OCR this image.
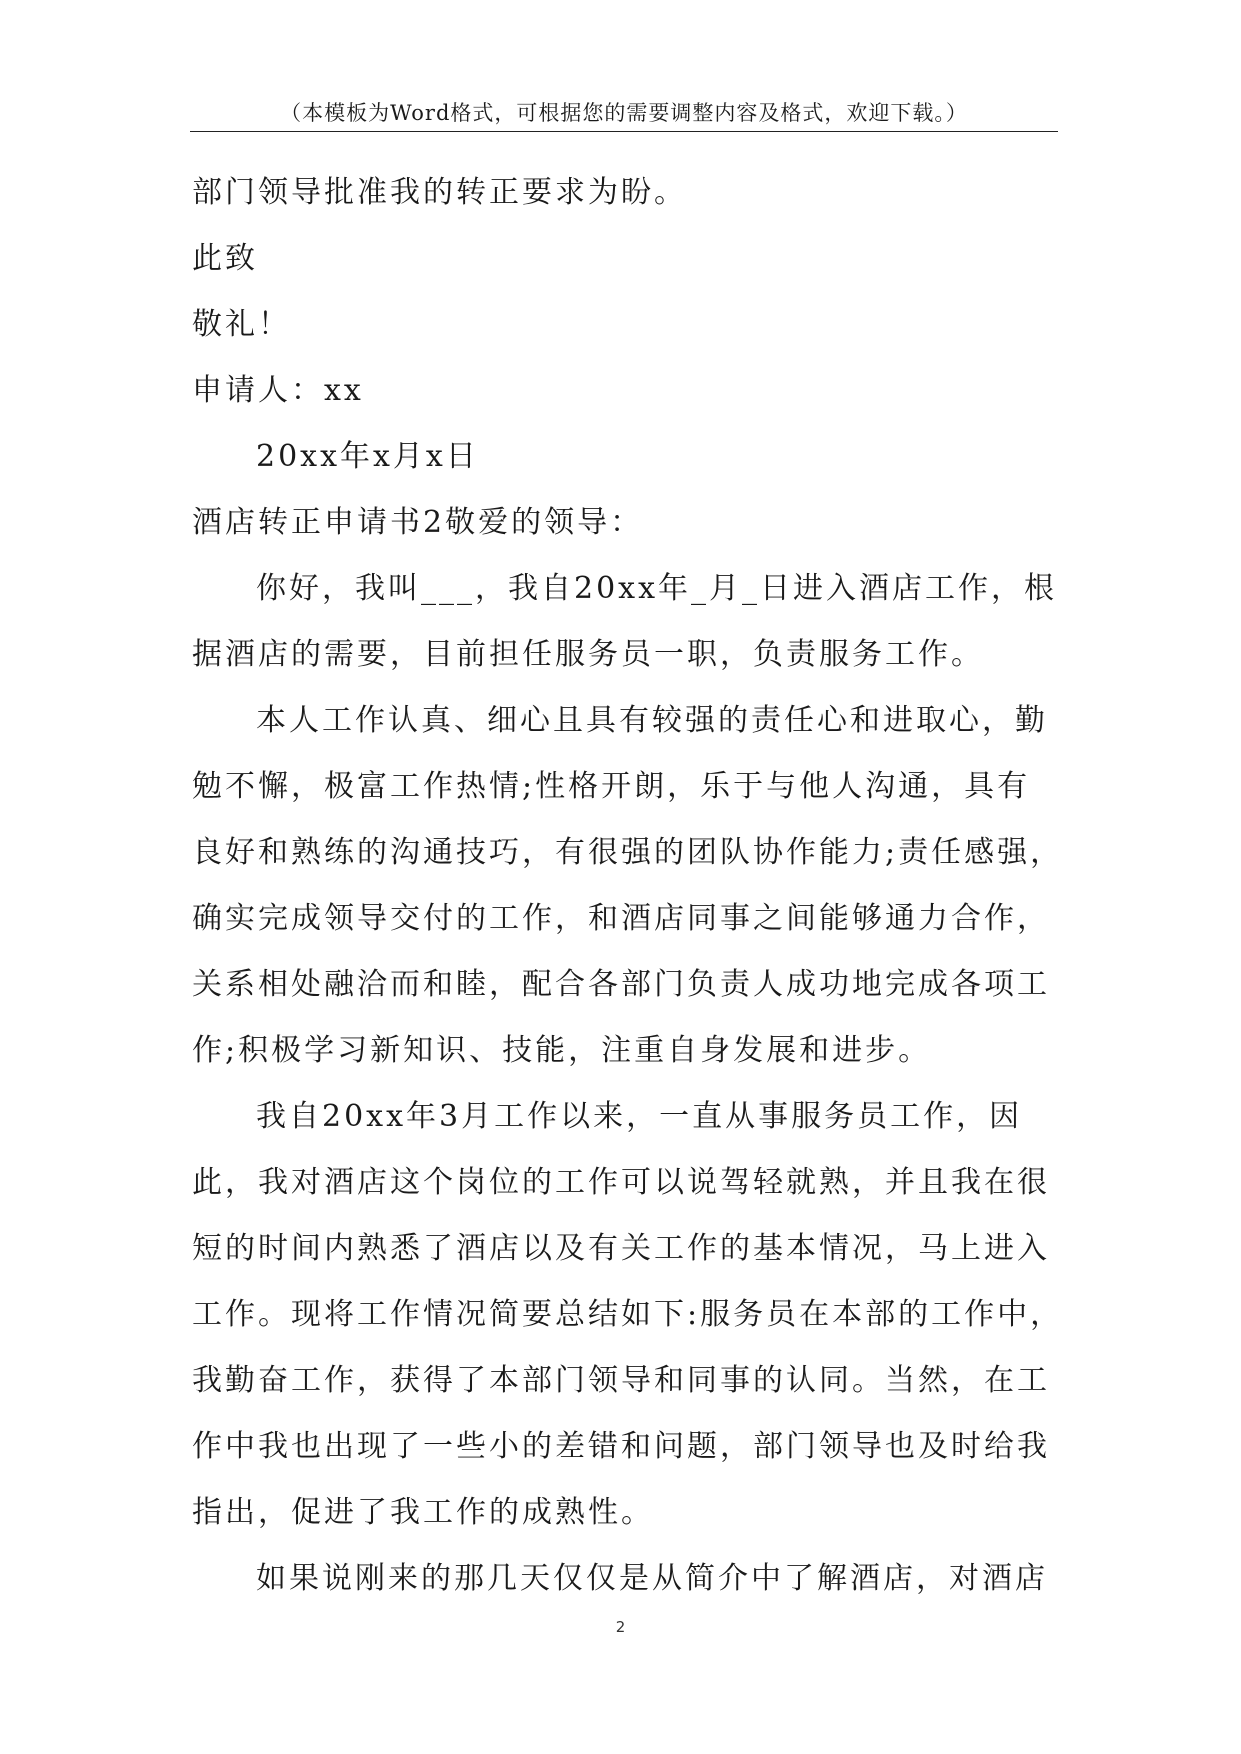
（本模板为Word格式，可根据您的需要调整内容及格式，欢迎下载。）
部门领导批准我的转正要求为盼。
此致
敬礼！
申请人：xx
20xx年x月x日
酒店转正申请书2敬爱的领导：
你好，我叫___，我自20xx年_月_日进入酒店工作，根
据酒店的需要，目前担任服务员一职，负责服务工作。
本人工作认真、细心且具有较强的责任心和进取心，勤
勉不懈，极富工作热情;性格开朗，乐于与他人沟通，具有
良好和熟练的沟通技巧，有很强的团队协作能力;责任感强，
确实完成领导交付的工作，和酒店同事之间能够通力合作，
关系相处融洽而和睦，配合各部门负责人成功地完成各项工
作;积极学习新知识、技能，注重自身发展和进步。
我自20xx年3月工作以来，一直从事服务员工作，因
此，我对酒店这个岗位的工作可以说驾轻就熟，并且我在很
短的时间内熟悉了酒店以及有关工作的基本情况，马上进入
工作。现将工作情况简要总结如下:服务员在本部的工作中，
我勤奋工作，获得了本部门领导和同事的认同。当然，在工
作中我也出现了一些小的差错和问题，部门领导也及时给我
指出，促进了我工作的成熟性。
如果说刚来的那几天仅仅是从简介中了解酒店，对酒店
2
